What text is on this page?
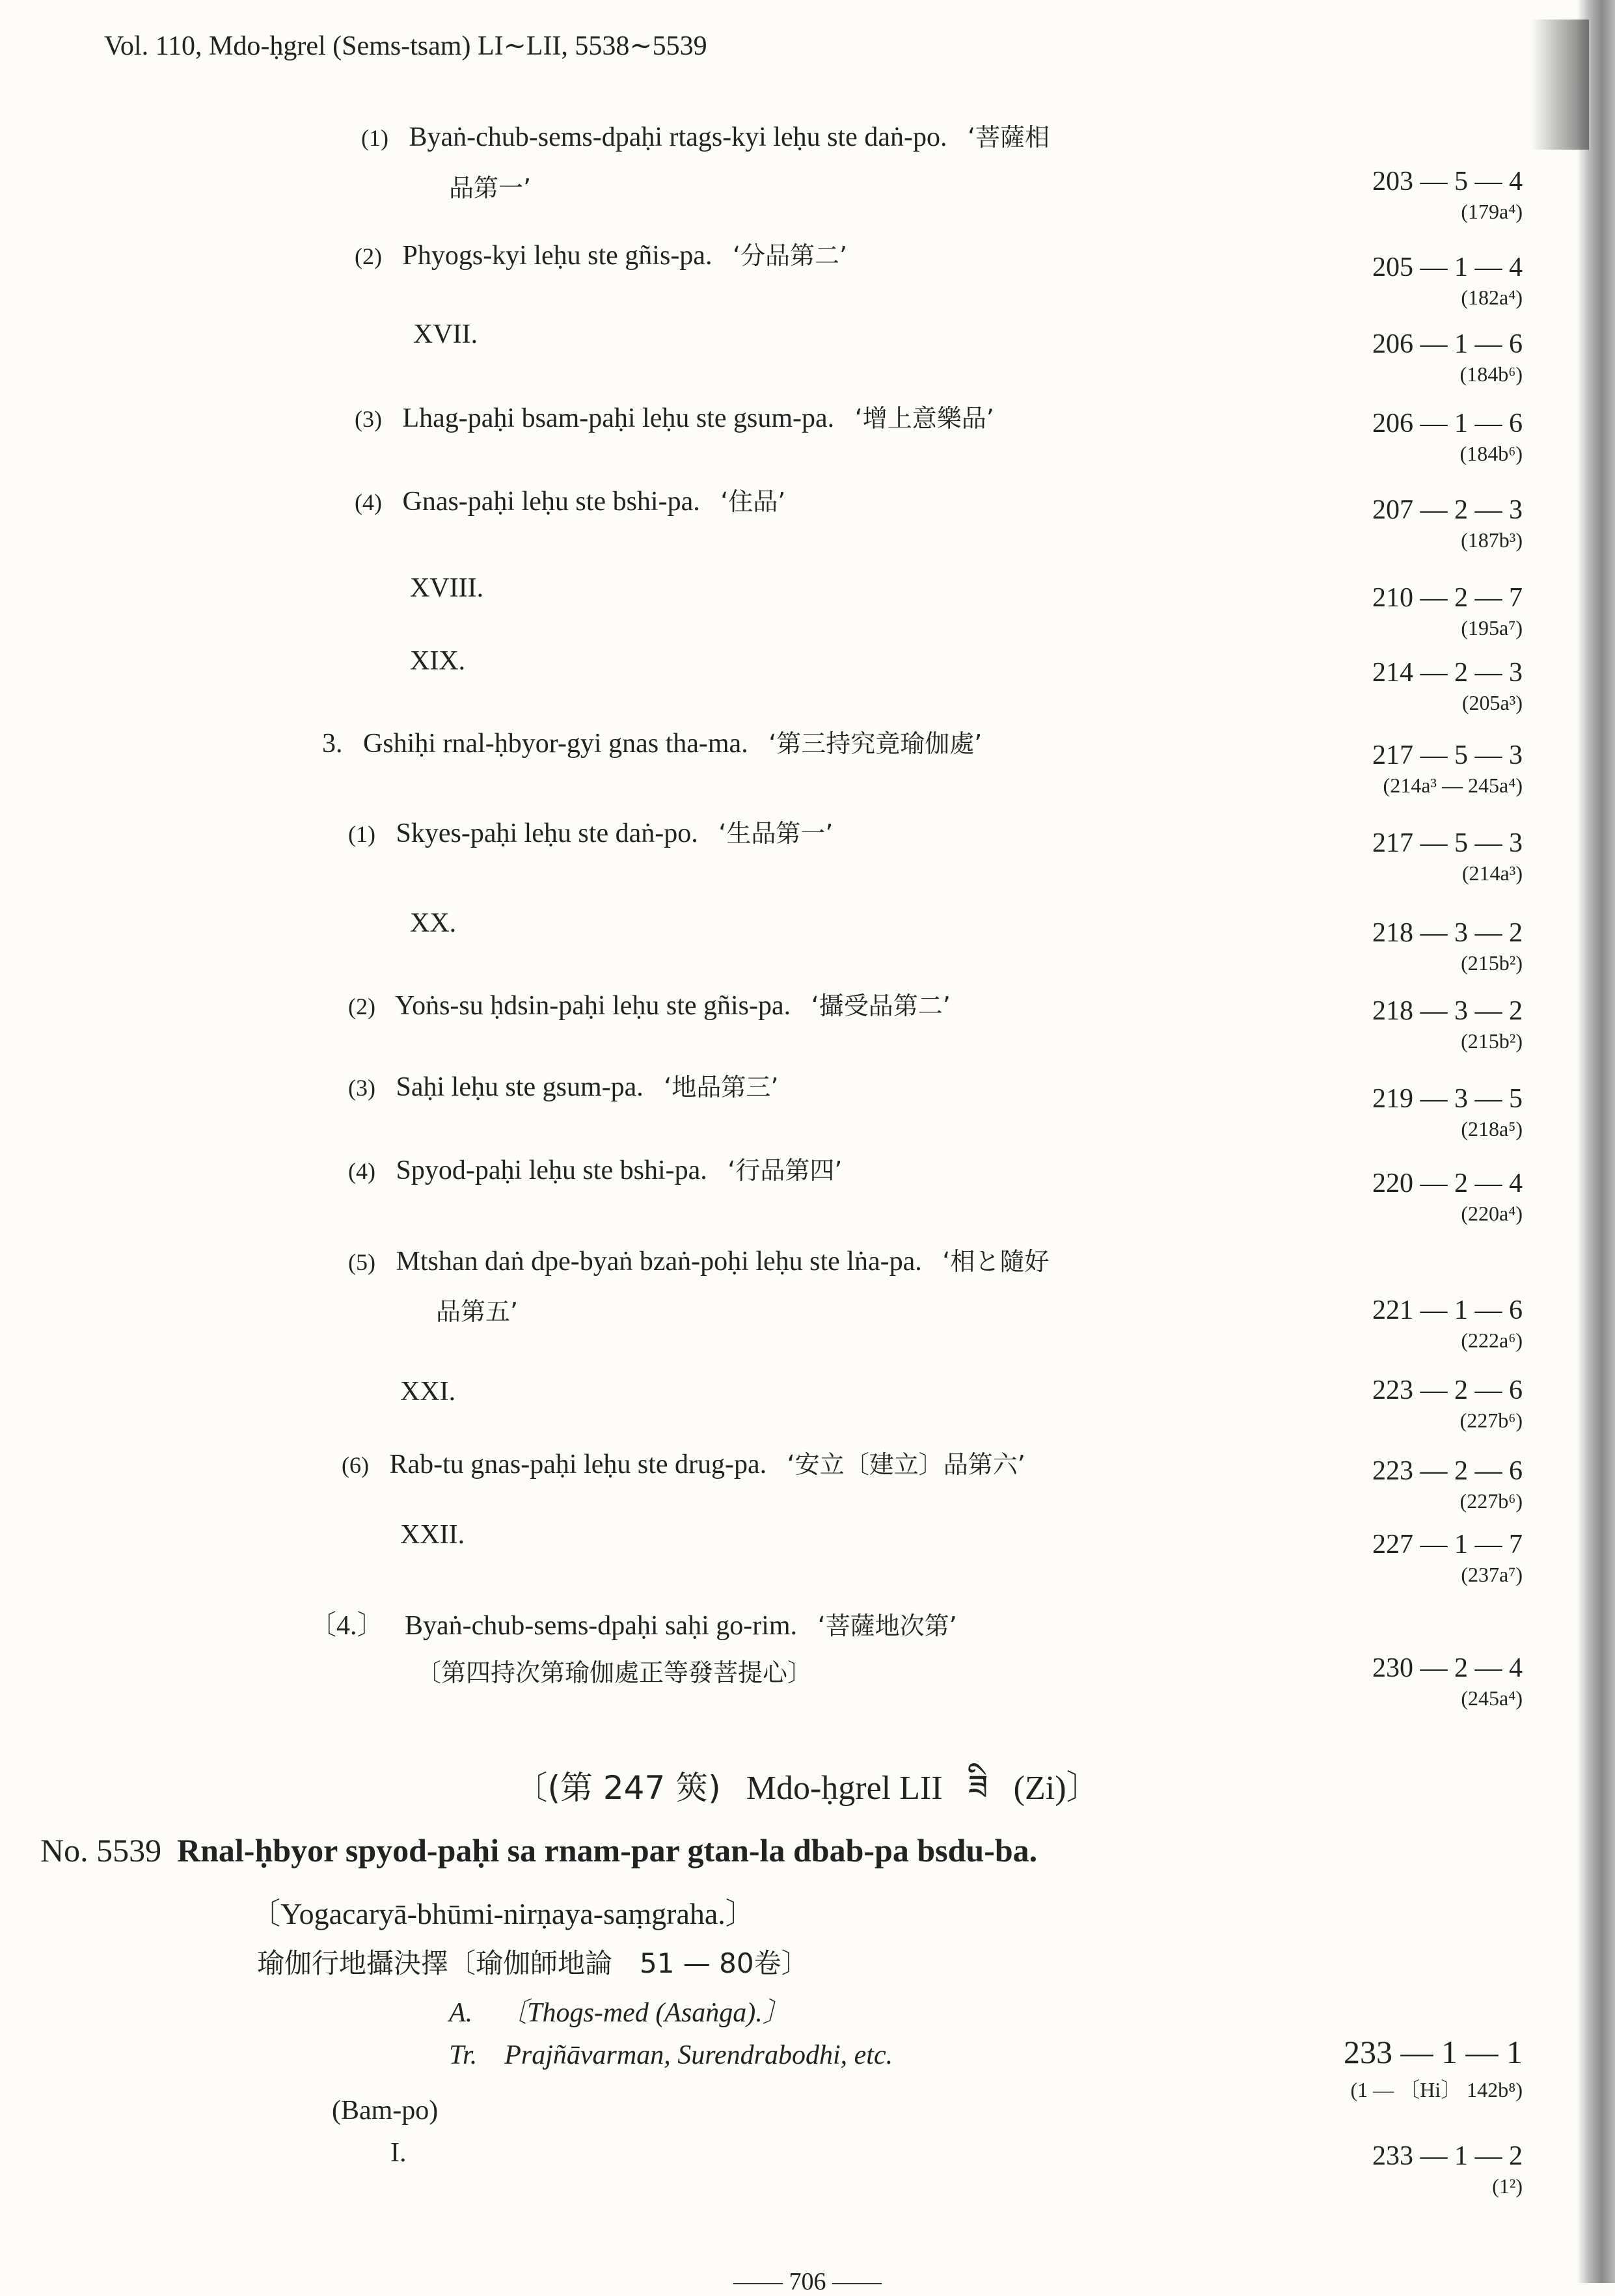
Vol. 110, Mdo-ḥgrel (Sems-tsam) LI∼LII, 5538∼5539
(1) Byaṅ-chub-sems-dpaḥi rtags-kyi leḥu ste daṅ-po. ‘菩薩相
品第一’	203 — 5 — 4
(179a⁴)
(2) Phyogs-kyi leḥu ste gñis-pa. ‘分品第二’	205 — 1 — 4
(182a⁴)
XVII.	206 — 1 — 6
(184b⁶)
(3) Lhag-paḥi bsam-paḥi leḥu ste gsum-pa. ‘增上意樂品’	206 — 1 — 6
(184b⁶)
(4) Gnas-paḥi leḥu ste bshi-pa. ‘住品’	207 — 2 — 3
(187b³)
XVIII.	210 — 2 — 7
(195a⁷)
XIX.	214 — 2 — 3
(205a³)
3. Gshiḥi rnal-ḥbyor-gyi gnas tha-ma. ‘第三持究竟瑜伽處’	217 — 5 — 3
(214a³ — 245a⁴)
(1) Skyes-paḥi leḥu ste daṅ-po. ‘生品第一’	217 — 5 — 3
(214a³)
XX.	218 — 3 — 2
(215b²)
(2) Yoṅs-su ḥdsin-paḥi leḥu ste gñis-pa. ‘攝受品第二’	218 — 3 — 2
(215b²)
(3) Saḥi leḥu ste gsum-pa. ‘地品第三’	219 — 3 — 5
(218a⁵)
(4) Spyod-paḥi leḥu ste bshi-pa. ‘行品第四’	220 — 2 — 4
(220a⁴)
(5) Mtshan daṅ dpe-byaṅ bzaṅ-poḥi leḥu ste lṅa-pa. ‘相と隨好
品第五’	221 — 1 — 6
(222a⁶)
XXI.	223 — 2 — 6
(227b⁶)
(6) Rab-tu gnas-paḥi leḥu ste drug-pa. ‘安立〔建立〕品第六’	223 — 2 — 6
(227b⁶)
XXII.	227 — 1 — 7
(237a⁷)
〔4.〕 Byaṅ-chub-sems-dpaḥi saḥi go-rim. ‘菩薩地次第’
〔第四持次第瑜伽處正等發菩提心〕	230 — 2 — 4
(245a⁴)
〔(第 247 筴) Mdo-ḥgrel LII ཟི (Zi)〕
No. 5539 Rnal-ḥbyor spyod-paḥi sa rnam-par gtan-la dbab-pa bsdu-ba.
〔Yogacaryā-bhūmi-nirṇaya-saṃgraha.〕
瑜伽行地攝決擇〔瑜伽師地論　51 — 80卷〕
A. 〔Thogs-med (Asaṅga).〕
Tr. Prajñāvarman, Surendrabodhi, etc.	233 — 1 — 1
(1 — 〔Hi〕 142b⁸)
(Bam-po)
I.	233 — 1 — 2
(1²)
—— 706 ——
